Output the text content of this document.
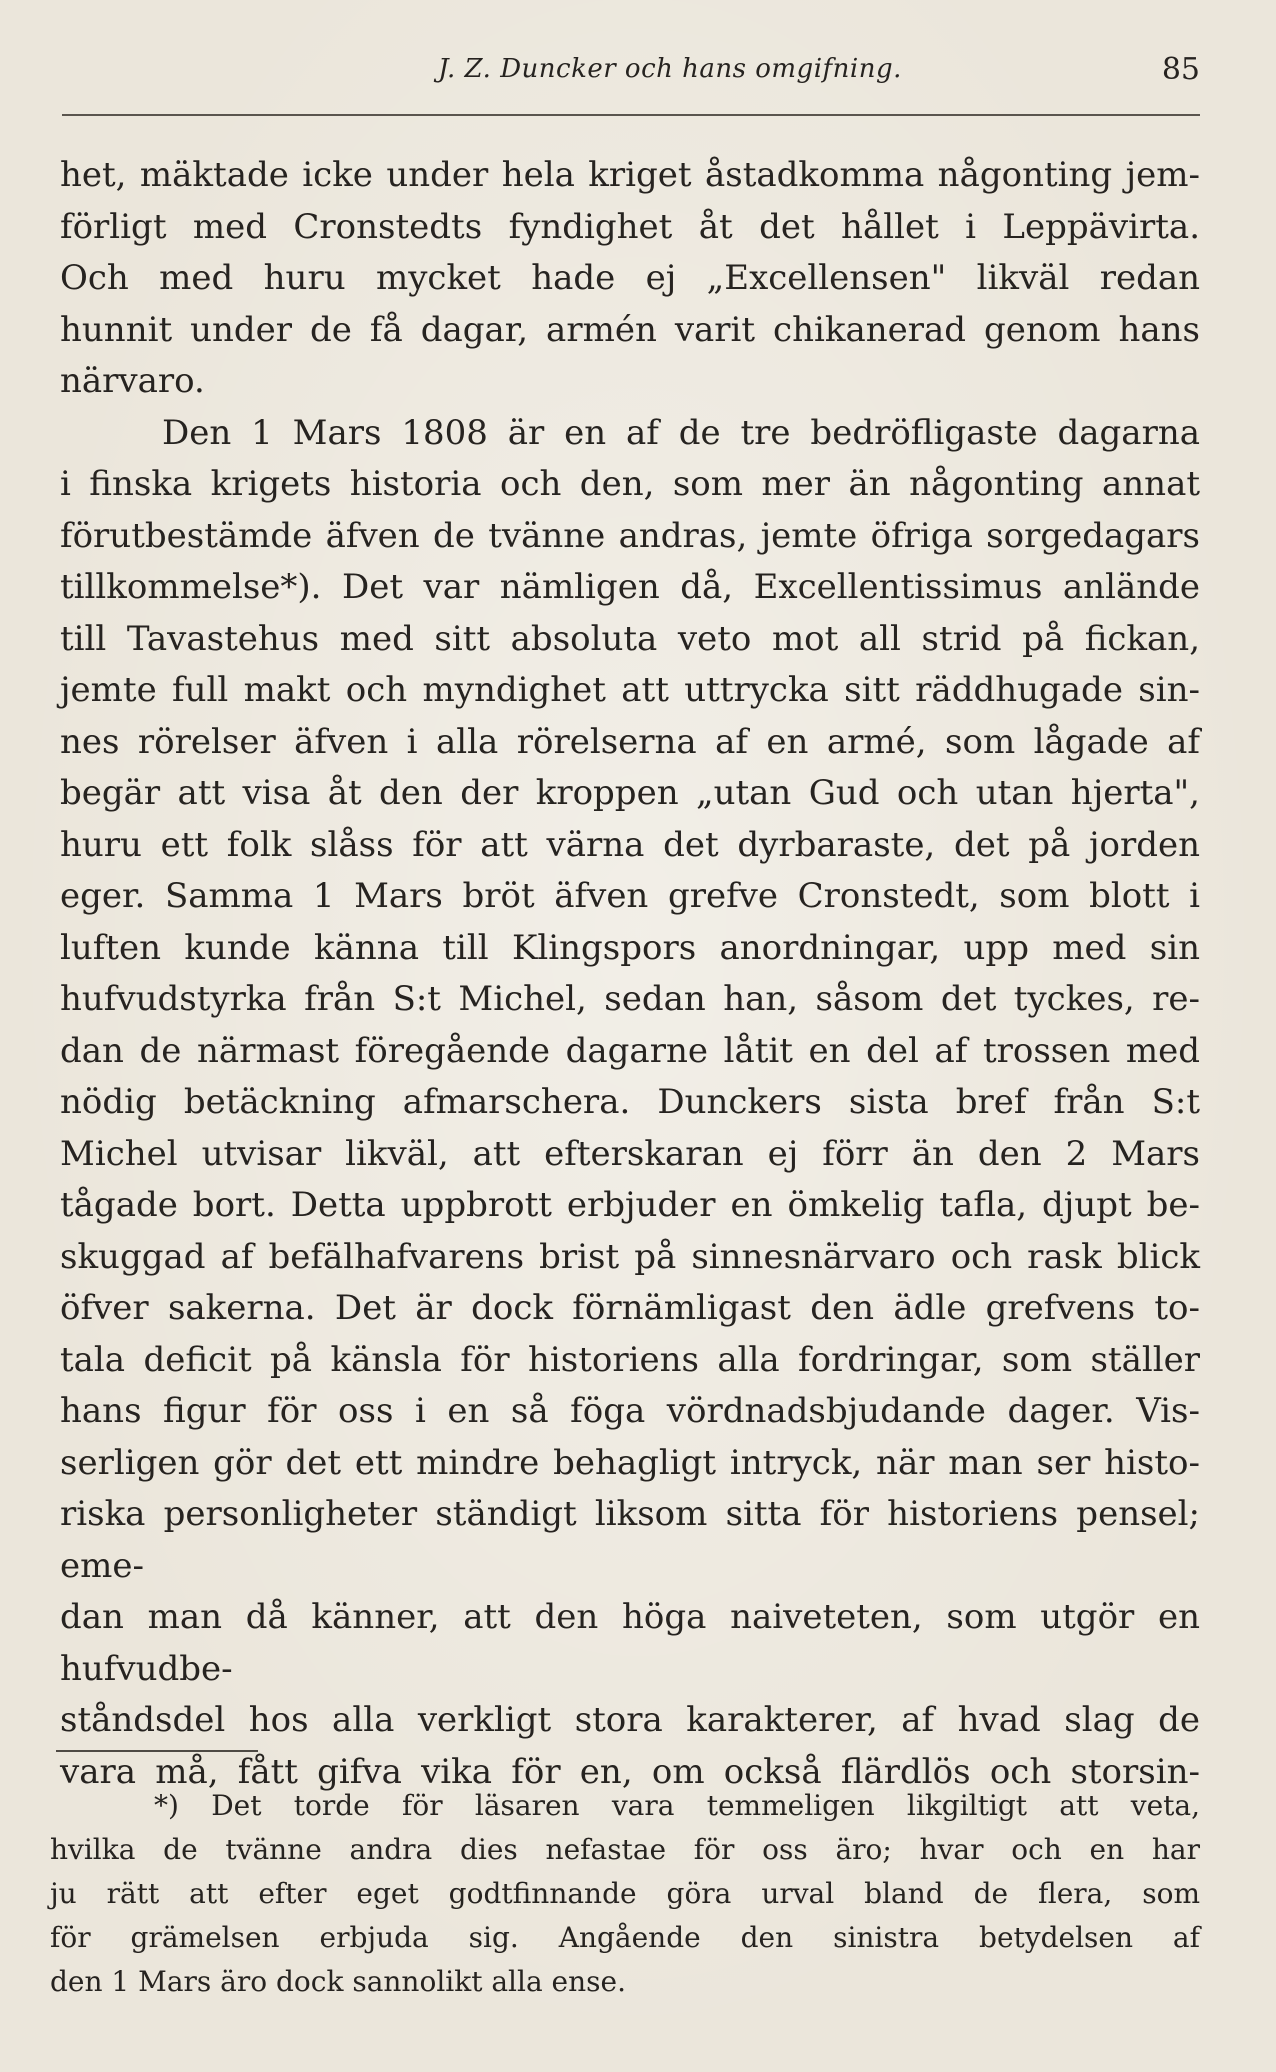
J. Z. Duncker och hans omgifning.	85
het, mäktade icke under hela kriget åstadkomma någonting jem-
förligt med Cronstedts fyndighet åt det hållet i Leppävirta.
Och med huru mycket hade ej „Excellensen" likväl redan
hunnit under de få dagar, armén varit chikanerad genom hans
närvaro.
Den 1 Mars 1808 är en af de tre bedröfligaste dagarna
i finska krigets historia och den, som mer än någonting annat
förutbestämde äfven de tvänne andras, jemte öfriga sorgedagars
tillkommelse*). Det var nämligen då, Excellentissimus anlände
till Tavastehus med sitt absoluta veto mot all strid på fickan,
jemte full makt och myndighet att uttrycka sitt räddhugade sin-
nes rörelser äfven i alla rörelserna af en armé, som lågade af
begär att visa åt den der kroppen „utan Gud och utan hjerta",
huru ett folk slåss för att värna det dyrbaraste, det på jorden
eger. Samma 1 Mars bröt äfven grefve Cronstedt, som blott i
luften kunde känna till Klingspors anordningar, upp med sin
hufvudstyrka från S:t Michel, sedan han, såsom det tyckes, re-
dan de närmast föregående dagarne låtit en del af trossen med
nödig betäckning afmarschera. Dunckers sista bref från S:t
Michel utvisar likväl, att efterskaran ej förr än den 2 Mars
tågade bort. Detta uppbrott erbjuder en ömkelig tafla, djupt be-
skuggad af befälhafvarens brist på sinnesnärvaro och rask blick
öfver sakerna. Det är dock förnämligast den ädle grefvens to-
tala deficit på känsla för historiens alla fordringar, som ställer
hans figur för oss i en så föga vördnadsbjudande dager. Vis-
serligen gör det ett mindre behagligt intryck, när man ser histo-
riska personligheter ständigt liksom sitta för historiens pensel; eme-
dan man då känner, att den höga naiveteten, som utgör en hufvudbe-
ståndsdel hos alla verkligt stora karakterer, af hvad slag de
vara må, fått gifva vika för en, om också flärdlös och storsin-
*) Det torde för läsaren vara temmeligen likgiltigt att veta,
hvilka de tvänne andra dies nefastae för oss äro; hvar och en har
ju rätt att efter eget godtfinnande göra urval bland de flera, som
för grämelsen erbjuda sig. Angående den sinistra betydelsen af
den 1 Mars äro dock sannolikt alla ense.
